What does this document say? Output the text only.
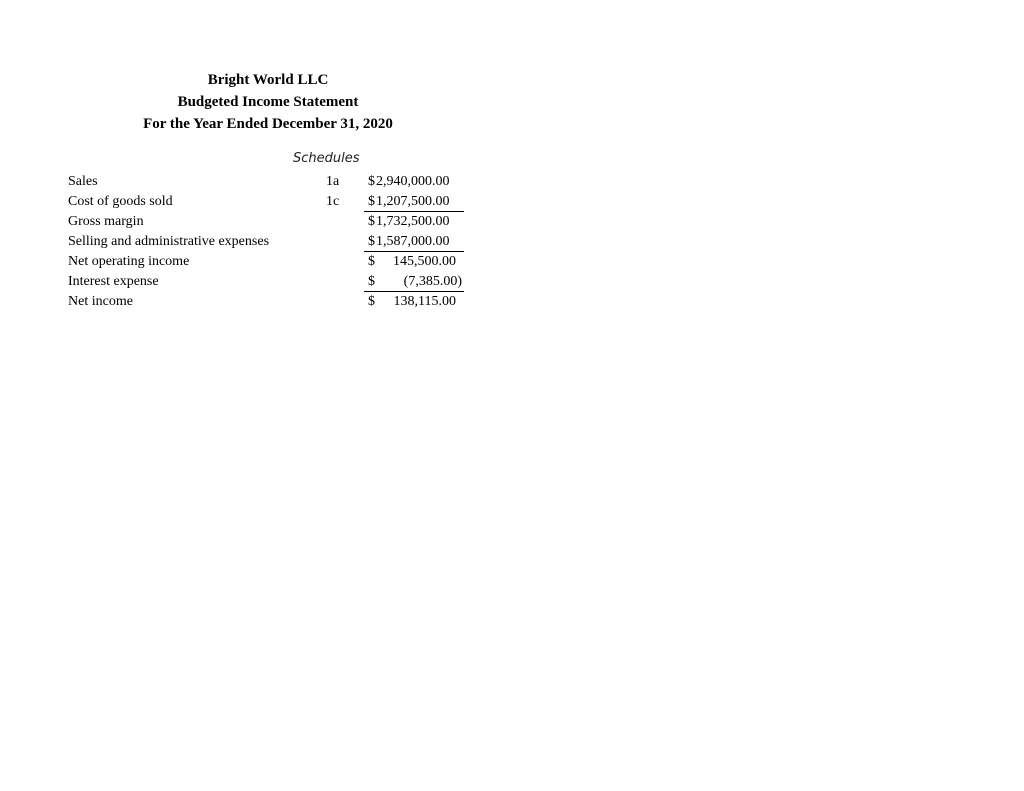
Bright World LLC
Budgeted Income Statement
For the Year Ended December 31, 2020
Schedules
Sales	1a $ 2,940,000.00
Cost of goods sold	1c $ 1,207,500.00
Gross margin	$ 1,732,500.00
Selling and administrative expenses	$ 1,587,000.00
Net operating income	$ 145,500.00
Interest expense	$ (7,385.00)
Net income	$ 138,115.00
